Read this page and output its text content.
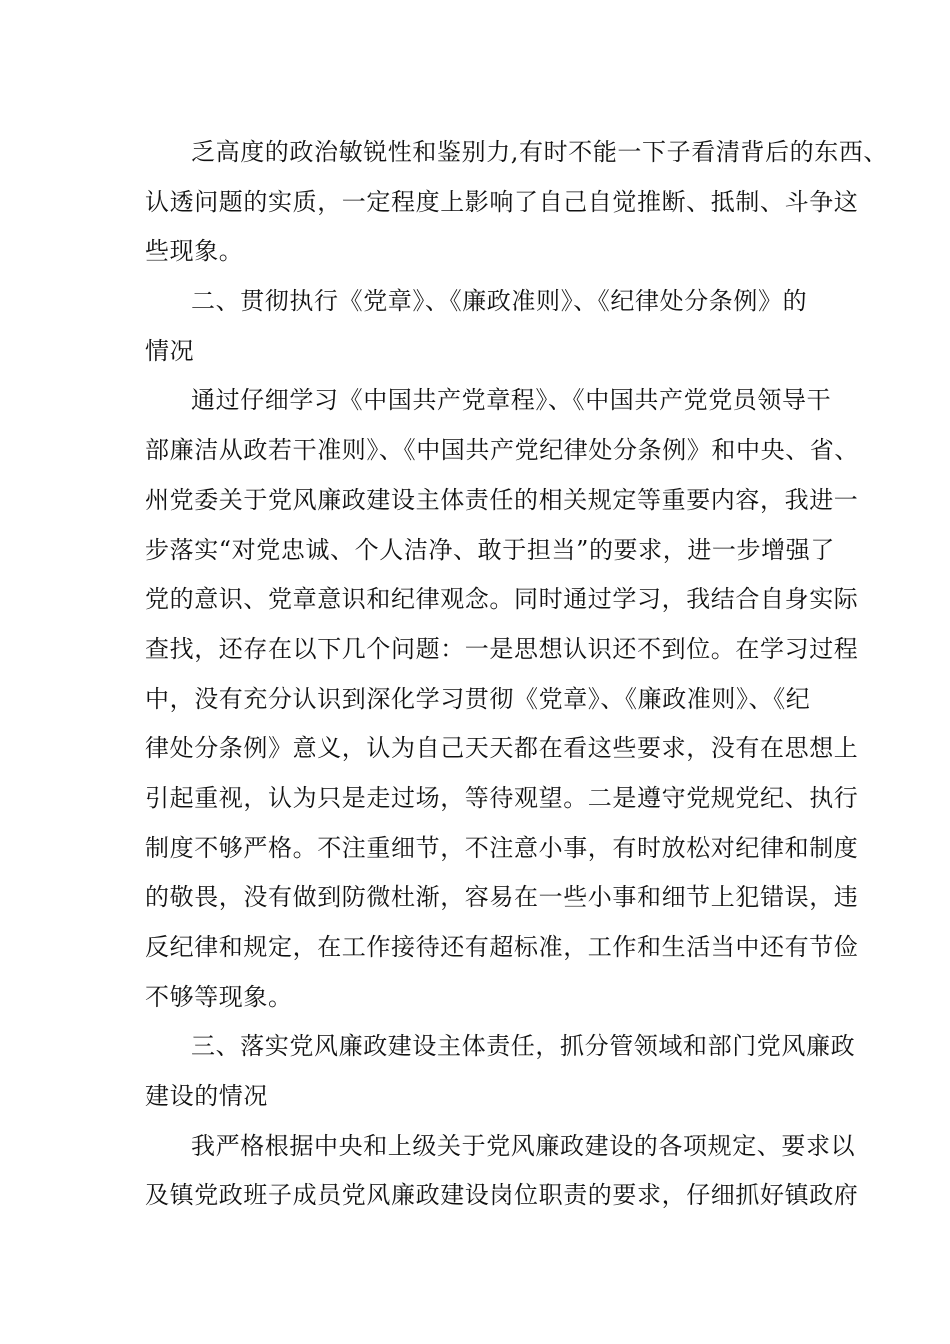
乏高度的政治敏锐性和鉴别力,有时不能一下子看清背后的东西、
认透问题的实质，一定程度上影响了自己自觉推断、抵制、斗争这
些现象。
二、贯彻执行《党章》、《廉政准则》、《纪律处分条例》的
情况
通过仔细学习《中国共产党章程》、《中国共产党党员领导干
部廉洁从政若干准则》、《中国共产党纪律处分条例》和中央、省、
州党委关于党风廉政建设主体责任的相关规定等重要内容，我进一
步落实“对党忠诚、个人洁净、敢于担当”的要求，进一步增强了
党的意识、党章意识和纪律观念。同时通过学习，我结合自身实际
查找，还存在以下几个问题：一是思想认识还不到位。在学习过程
中，没有充分认识到深化学习贯彻《党章》、《廉政准则》、《纪
律处分条例》意义，认为自己天天都在看这些要求，没有在思想上
引起重视，认为只是走过场，等待观望。二是遵守党规党纪、执行
制度不够严格。不注重细节，不注意小事，有时放松对纪律和制度
的敬畏，没有做到防微杜渐，容易在一些小事和细节上犯错误，违
反纪律和规定，在工作接待还有超标准，工作和生活当中还有节俭
不够等现象。
三、落实党风廉政建设主体责任，抓分管领域和部门党风廉政
建设的情况
我严格根据中央和上级关于党风廉政建设的各项规定、要求以
及镇党政班子成员党风廉政建设岗位职责的要求，仔细抓好镇政府
